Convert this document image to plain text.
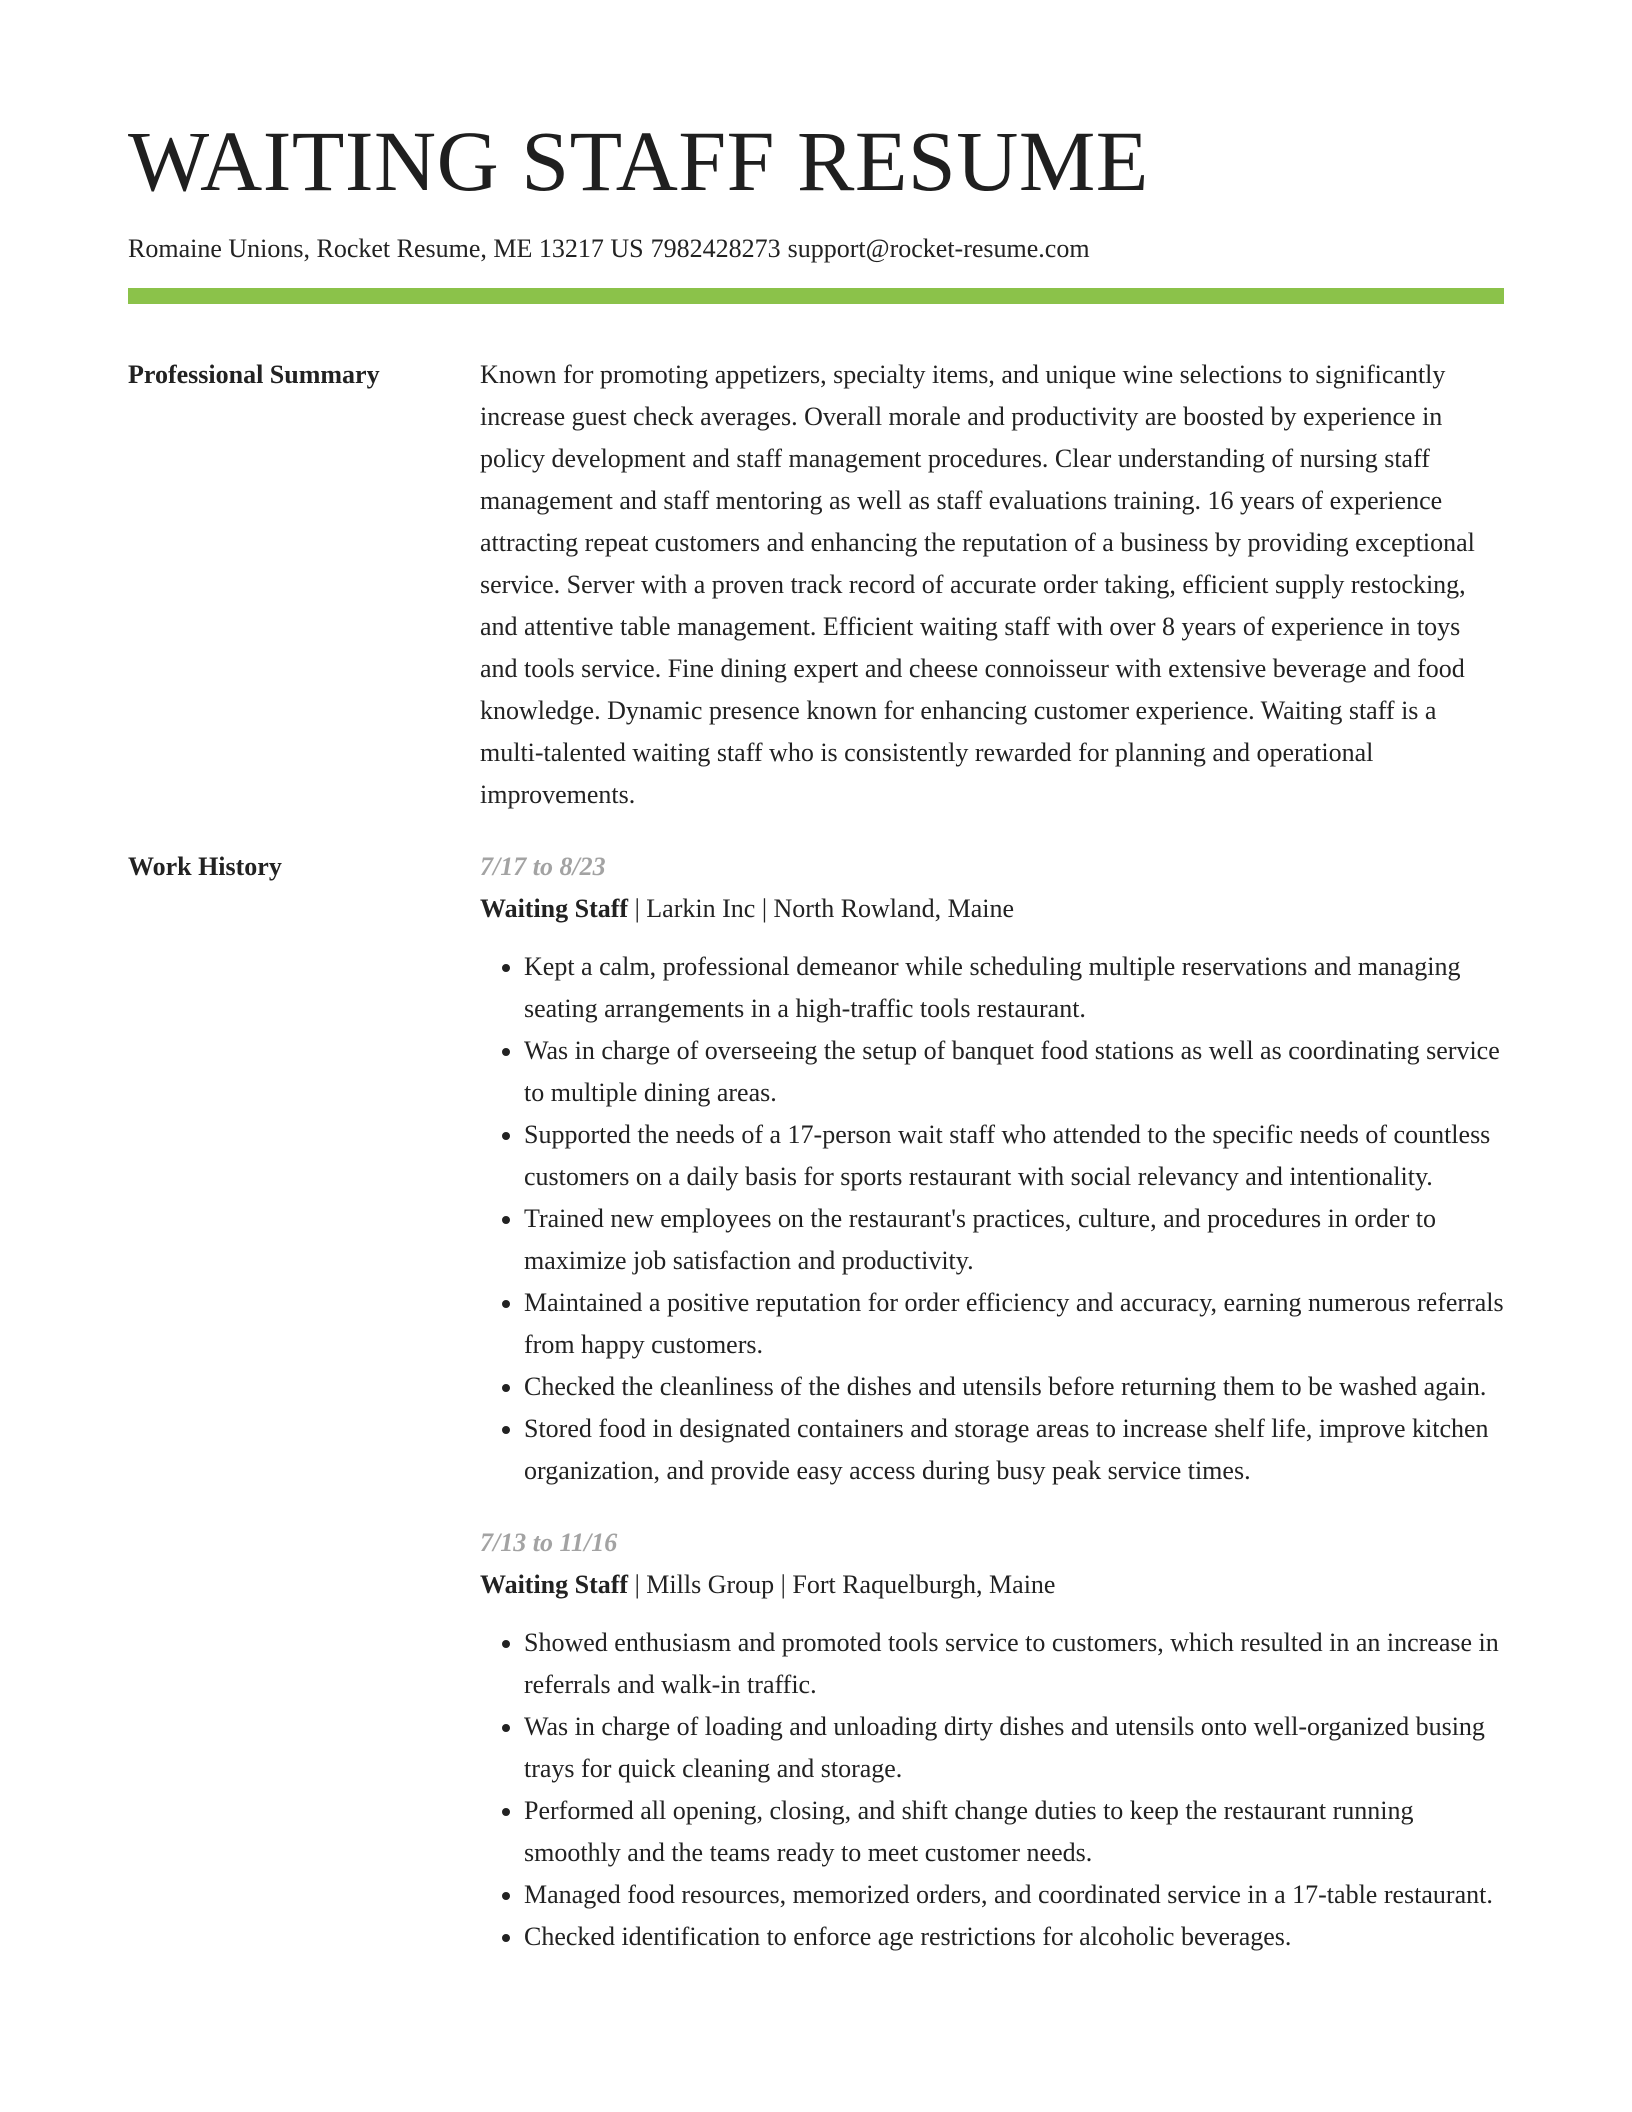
WAITING STAFF RESUME
Romaine Unions, Rocket Resume, ME 13217 US 7982428273 support@rocket-resume.com
Professional Summary	Known for promoting appetizers, specialty items, and unique wine selections to significantly increase guest check averages. Overall morale and productivity are boosted by experience in policy development and staff management procedures. Clear understanding of nursing staff management and staff mentoring as well as staff evaluations training. 16 years of experience attracting repeat customers and enhancing the reputation of a business by providing exceptional service. Server with a proven track record of accurate order taking, efficient supply restocking, and attentive table management. Efficient waiting staff with over 8 years of experience in toys and tools service. Fine dining expert and cheese connoisseur with extensive beverage and food knowledge. Dynamic presence known for enhancing customer experience. Waiting staff is a multi-talented waiting staff who is consistently rewarded for planning and operational improvements.

Work History	7/17 to 8/23
Waiting Staff | Larkin Inc | North Rowland, Maine
• Kept a calm, professional demeanor while scheduling multiple reservations and managing seating arrangements in a high-traffic tools restaurant.
• Was in charge of overseeing the setup of banquet food stations as well as coordinating service to multiple dining areas.
• Supported the needs of a 17-person wait staff who attended to the specific needs of countless customers on a daily basis for sports restaurant with social relevancy and intentionality.
• Trained new employees on the restaurant's practices, culture, and procedures in order to maximize job satisfaction and productivity.
• Maintained a positive reputation for order efficiency and accuracy, earning numerous referrals from happy customers.
• Checked the cleanliness of the dishes and utensils before returning them to be washed again.
• Stored food in designated containers and storage areas to increase shelf life, improve kitchen organization, and provide easy access during busy peak service times.
7/13 to 11/16
Waiting Staff | Mills Group | Fort Raquelburgh, Maine
• Showed enthusiasm and promoted tools service to customers, which resulted in an increase in referrals and walk-in traffic.
• Was in charge of loading and unloading dirty dishes and utensils onto well-organized busing trays for quick cleaning and storage.
• Performed all opening, closing, and shift change duties to keep the restaurant running smoothly and the teams ready to meet customer needs.
• Managed food resources, memorized orders, and coordinated service in a 17-table restaurant.
• Checked identification to enforce age restrictions for alcoholic beverages.
